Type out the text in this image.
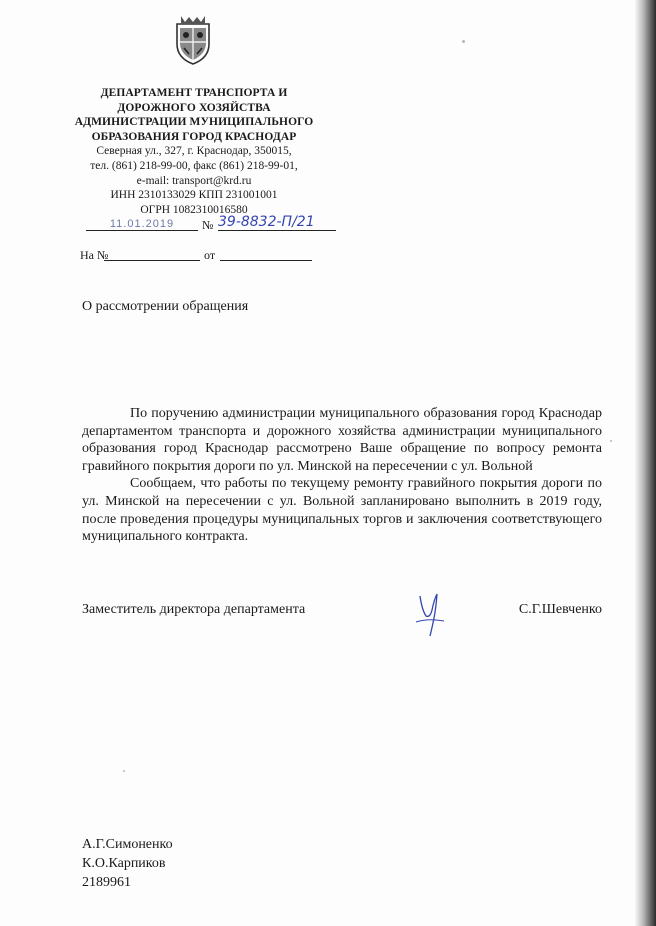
ДЕПАРТАМЕНТ ТРАНСПОРТА И
ДОРОЖНОГО ХОЗЯЙСТВА
АДМИНИСТРАЦИИ МУНИЦИПАЛЬНОГО
ОБРАЗОВАНИЯ ГОРОД КРАСНОДАР
Северная ул., 327, г. Краснодар, 350015,
тел. (861) 218-99-00, факс (861) 218-99-01,
e-mail: transport@krd.ru
ИНН 2310133029 КПП 231001001
ОГРН 1082310016580
11.01.2019	№ 39-8832-П/21
На №	от
О рассмотрении обращения

По поручению администрации муниципального образования город Краснодар департаментом транспорта и дорожного хозяйства администрации муниципального образования город Краснодар рассмотрено Ваше обращение по вопросу ремонта гравийного покрытия дороги по ул. Минской на пересечении с ул. Вольной

Сообщаем, что работы по текущему ремонту гравийного покрытия дороги по ул. Минской на пересечении с ул. Вольной запланировано выполнить в 2019 году, после проведения процедуры муниципальных торгов и заключения соответствующего муниципального контракта.

Заместитель директора департамента	С.Г.Шевченко
А.Г.Симоненко
К.О.Карпиков
2189961
